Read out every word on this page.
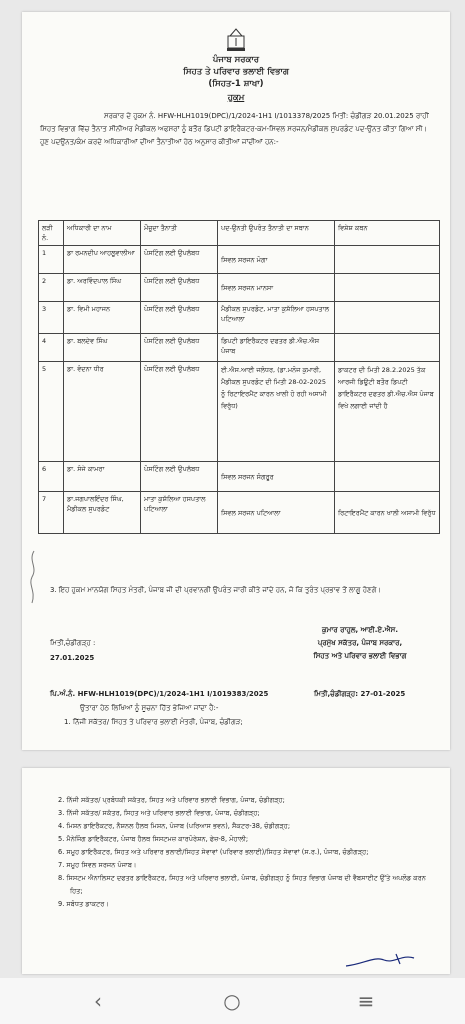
ਪੰਜਾਬ ਸਰਕਾਰ
ਸਿਹਤ ਤੇ ਪਰਿਵਾਰ ਭਲਾਈ ਵਿਭਾਗ
(ਸਿਹਤ-1 ਸ਼ਾਖਾ)
ਹੁਕਮ

ਸਰਕਾਰ ਦੇ ਹੁਕਮ ਨੰ. HFW-HLH1019(DPC)/1/2024-1H1 I/1013378/2025 ਮਿਤੀ: ਚੰਡੀਗੜ 20.01.2025 ਰਾਹੀਂ ਸਿਹਤ ਵਿਭਾਗ ਵਿੱਚ ਤੈਨਾਤ ਸੀਨੀਅਰ ਮੈਡੀਕਲ ਅਫਸਰਾਂ ਨੂੰ ਬਤੌਰ ਡਿਪਟੀ ਡਾਇਰੈਕਟਰ-ਕਮ-ਸਿਵਲ ਸਰਜਨ/ਮੈਡੀਕਲ ਸੁਪਰਡੰਟ ਪਦ-ਉਨਤ ਕੀਤਾ ਗਿਆ ਸੀ। ਹੁਣ ਪਦਉਨਤ/ਕੰਮ ਕਰਦੇ ਅਧਿਕਾਰੀਆਂ ਦੀਆਂ ਤੈਨਾਤੀਆਂ ਹੇਠ ਅਨੁਸਾਰ ਕੀਤੀਆਂ ਜਾਂਦੀਆਂ ਹਨ:-

ਲੜੀ ਨੰ.	ਅਧਿਕਾਰੀ ਦਾ ਨਾਮ	ਮੌਜੂਦਾ ਤੈਨਾਤੀ	ਪਦ-ਉਨਤੀ ਉਪਰੰਤ ਤੈਨਾਤੀ ਦਾ ਸਥਾਨ	ਵਿਸ਼ੇਸ਼ ਕਥਨ
1	ਡਾ ਰਮਨਦੀਪ ਆਹਲੂਵਾਲੀਆ	ਪੋਸਟਿੰਗ ਲਈ ਉਪਲੱਬਧ	ਸਿਵਲ ਸਰਜਨ ਮੋਗਾ	
2	ਡਾ. ਅਰਵਿੰਦਪਾਲ ਸਿੰਘ	ਪੋਸਟਿੰਗ ਲਈ ਉਪਲੱਬਧ	ਸਿਵਲ ਸਰਜਨ ਮਾਨਸਾ	
3	ਡਾ. ਵਿਮੀ ਮਹਾਜਨ	ਪੋਸਟਿੰਗ ਲਈ ਉਪਲੱਬਧ	ਮੈਡੀਕਲ ਸੁਪਰਡੰਟ, ਮਾਤਾ ਕੁਸ਼ੱਲਿਆ ਹਸਪਤਾਲ ਪਟਿਆਲਾ	
4	ਡਾ. ਬਲਦੇਵ ਸਿੰਘ	ਪੋਸਟਿੰਗ ਲਈ ਉਪਲੱਬਧ	ਡਿਪਟੀ ਡਾਇਰੈਕਟਰ ਦਫਤਰ ਡੀ.ਐਚ.ਐਸ ਪੰਜਾਬ	
5	ਡਾ. ਵੰਦਨਾ ਧੀਰ	ਪੋਸਟਿੰਗ ਲਈ ਉਪਲੱਬਧ	ਈ.ਐਸ.ਆਈ ਜਲੰਧਰ, (ਡਾ.ਮਨੋਜ ਕੁਮਾਰੀ, ਮੈਡੀਕਲ ਸੁਪਰਡੰਟ ਦੀ ਮਿਤੀ 28-02-2025 ਨੂੰ ਰਿਟਾਇਰਮੈਂਟ ਕਾਰਨ ਖਾਲੀ ਹੋ ਰਹੀ ਅਸਾਮੀ ਵਿਰੁੱਧ)	ਡਾਕਟਰ ਦੀ ਮਿਤੀ 28.2.2025 ਤੱਕ ਆਰਜੀ ਡਿਊਟੀ ਬਤੌਰ ਡਿਪਟੀ ਡਾਇਰੈਕਟਰ ਦਫਤਰ ਡੀ.ਐਚ.ਐਸ ਪੰਜਾਬ ਵਿਖੇ ਲਗਾਈ ਜਾਂਦੀ ਹੈ
6	ਡਾ. ਸੰਜੇ ਕਾਮਰਾ	ਪੋਸਟਿੰਗ ਲਈ ਉਪਲੱਬਧ	ਸਿਵਲ ਸਰਜਨ ਸੰਗਰੂਰ	
7	ਡਾ.ਜਗਪਾਲਇੰਦਰ ਸਿੰਘ, ਮੈਡੀਕਲ ਸੁਪਰਡੰਟ	ਮਾਤਾ ਕੁਸ਼ੱਲਿਆ ਹਸਪਤਾਲ ਪਟਿਆਲਾ	ਸਿਵਲ ਸਰਜਨ ਪਟਿਆਲਾ	ਰਿਟਾਇਰਮੈਂਟ ਕਾਰਨ ਖਾਲੀ ਅਸਾਮੀ ਵਿਰੁੱਧ

3. ਇਹ ਹੁਕਮ ਮਾਨਯੋਗ ਸਿਹਤ ਮੰਤਰੀ, ਪੰਜਾਬ ਜੀ ਦੀ ਪ੍ਰਵਾਨਗੀ ਉਪਰੰਤ ਜਾਰੀ ਕੀਤੇ ਜਾਂਦੇ ਹਨ, ਜੋ ਕਿ ਤੁਰੰਤ ਪ੍ਰਭਾਵ ਤੋਂ ਲਾਗੂ ਹੋਣਗੇ।

ਕੁਮਾਰ ਰਾਹੁਲ, ਆਈ.ਏ.ਐਸ.
ਪ੍ਰਮੁੱਖ ਸਕੱਤਰ, ਪੰਜਾਬ ਸਰਕਾਰ,
ਸਿਹਤ ਅਤੇ ਪਰਿਵਾਰ ਭਲਾਈ ਵਿਭਾਗ
ਮਿਤੀ,ਚੰਡੀਗੜ੍ਹ :
27.01.2025
ਪਿ.ਅੰ.ਨੰ. HFW-HLH1019(DPC)/1/2024-1H1 I/1019383/2025	ਮਿਤੀ,ਚੰਡੀਗੜ੍ਹ: 27-01-2025
ਉਤਾਰਾ ਹੇਠ ਲਿਖਿਆਂ ਨੂੰ ਸੂਚਨਾ ਹਿੱਤ ਭੇਜਿਆ ਜਾਂਦਾ ਹੈ:-
1. ਨਿੱਜੀ ਸਕੱਤਰ/ ਸਿਹਤ ਤੇ ਪਰਿਵਾਰ ਭਲਾਈ ਮੰਤਰੀ, ਪੰਜਾਬ, ਚੰਡੀਗੜ;
2. ਨਿੱਜੀ ਸਕੱਤਰ/ ਪ੍ਰਬੰਧਕੀ ਸਕੱਤਰ, ਸਿਹਤ ਅਤੇ ਪਰਿਵਾਰ ਭਲਾਈ ਵਿਭਾਗ, ਪੰਜਾਬ, ਚੰਡੀਗੜ੍ਹ;
3. ਨਿੱਜੀ ਸਕੱਤਰ/ ਸਕੱਤਰ, ਸਿਹਤ ਅਤੇ ਪਰਿਵਾਰ ਭਲਾਈ ਵਿਭਾਗ, ਪੰਜਾਬ, ਚੰਡੀਗੜ੍ਹ;
4. ਮਿਸ਼ਨ ਡਾਇਰੈਕਟਰ, ਨੈਸ਼ਨਲ ਹੈਲਥ ਮਿਸ਼ਨ, ਪੰਜਾਬ (ਪਰਿਆਸ ਭਵਨ), ਸੈਕਟਰ-38, ਚੰਡੀਗੜ੍ਹ;
5. ਮੈਨੇਜਿੰਗ ਡਾਇਰੈਕਟਰ, ਪੰਜਾਬ ਹੈਲਥ ਸਿਸਟਮਜ਼ ਕਾਰਪੋਰੇਸ਼ਨ, ਫੇਜ਼-8, ਮੋਹਾਲੀ;
6. ਸਮੂਹ ਡਾਇਰੈਕਟਰ, ਸਿਹਤ ਅਤੇ ਪਰਿਵਾਰ ਭਲਾਈ/ਸਿਹਤ ਸੇਵਾਵਾਂ (ਪਰਿਵਾਰ ਭਲਾਈ)/ਸਿਹਤ ਸੇਵਾਵਾਂ (ਸ.ਰ.), ਪੰਜਾਬ, ਚੰਡੀਗੜ੍ਹ;
7. ਸਮੂਹ ਸਿਵਲ ਸਰਜਨ ਪੰਜਾਬ।
8. ਸਿਸਟਮ ਐਨਾਲਿਸਟ ਦਫਤਰ ਡਾਇਰੈਕਟਰ, ਸਿਹਤ ਅਤੇ ਪਰਿਵਾਰ ਭਲਾਈ, ਪੰਜਾਬ, ਚੰਡੀਗੜ੍ਹ ਨੂੰ ਸਿਹਤ ਵਿਭਾਗ ਪੰਜਾਬ ਦੀ ਵੈਬਸਾਈਟ ਉੱਤੇ ਅਪਲੋਡ ਕਰਨ ਹਿਤ;
9. ਸਬੰਧਤ ਡਾਕਟਰ।
‹	○	≡
